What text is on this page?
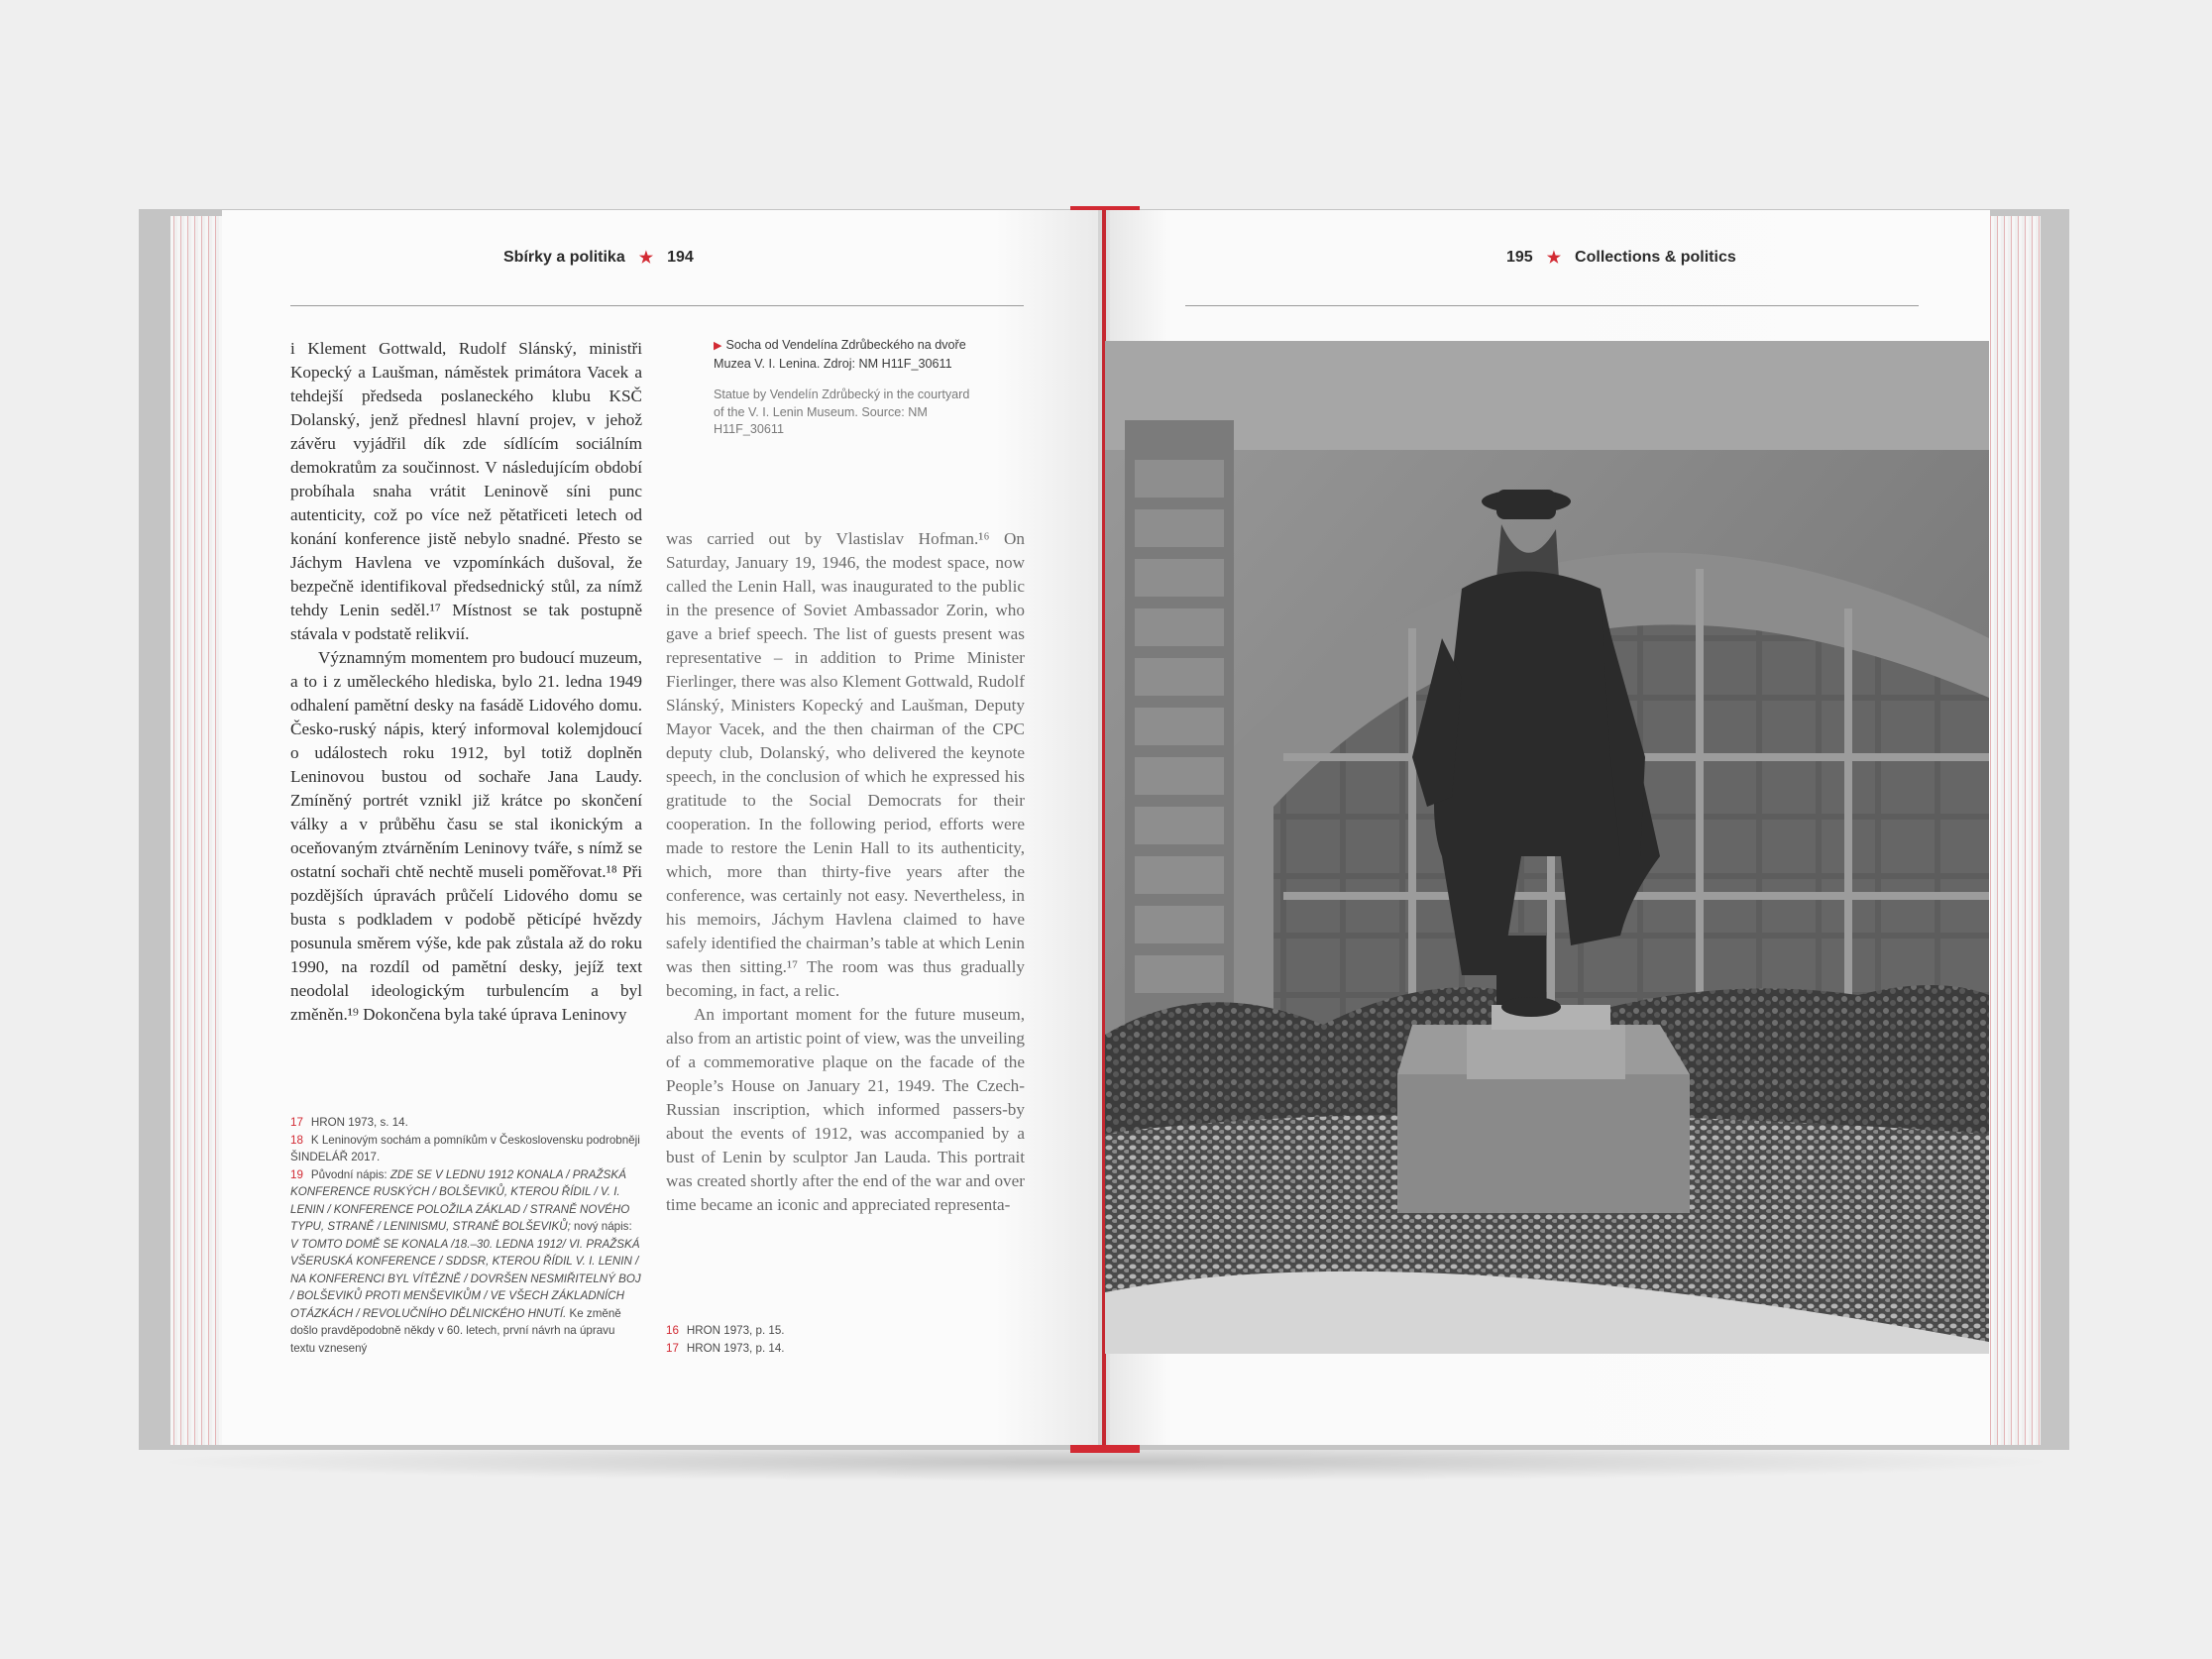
Sbírky a politika ★ 194	195 ★ Collections & politics

i Klement Gottwald, Rudolf Slánský, ministři Kopecký a Laušman, náměstek primátora Vacek a tehdejší předseda poslaneckého klubu KSČ Dolanský, jenž přednesl hlavní projev, v jehož závěru vyjádřil dík zde sídlícím sociálním demokratům za součinnost. V následujícím období probíhala snaha vrátit Leninově síni punc autenticity, což po více než pětatřiceti letech od konání konference jistě nebylo snadné. Přesto se Jáchym Havlena ve vzpomínkách dušoval, že bezpečně identifikoval předsednický stůl, za nímž tehdy Lenin seděl.¹⁷ Místnost se tak postupně stávala v podstatě relikvií.

Významným momentem pro budoucí muzeum, a to i z uměleckého hlediska, bylo 21. ledna 1949 odhalení pamětní desky na fasádě Lidového domu. Česko-ruský nápis, který informoval kolemjdoucí o událostech roku 1912, byl totiž doplněn Leninovou bustou od sochaře Jana Laudy. Zmíněný portrét vznikl již krátce po skončení války a v průběhu času se stal ikonickým a oceňovaným ztvárněním Leninovy tváře, s nímž se ostatní sochaři chtě nechtě museli poměřovat.¹⁸ Při pozdějších úpravách průčelí Lidového domu se busta s podkladem v podobě pěticípé hvězdy posunula směrem výše, kde pak zůstala až do roku 1990, na rozdíl od pamětní desky, jejíž text neodolal ideologickým turbulencím a byl změněn.¹⁹ Dokončena byla také úprava Leninovy

▶ Socha od Vendelína Zdrůbeckého na dvoře Muzea V. I. Lenina. Zdroj: NM H11F_30611
Statue by Vendelín Zdrůbecký in the courtyard of the V. I. Lenin Museum. Source: NM H11F_30611

was carried out by Vlastislav Hofman.¹⁶ On Saturday, January 19, 1946, the modest space, now called the Lenin Hall, was inaugurated to the public in the presence of Soviet Ambassador Zorin, who gave a brief speech. The list of guests present was representative – in addition to Prime Minister Fierlinger, there was also Klement Gottwald, Rudolf Slánský, Ministers Kopecký and Laušman, Deputy Mayor Vacek, and the then chairman of the CPC deputy club, Dolanský, who delivered the keynote speech, in the conclusion of which he expressed his gratitude to the Social Democrats for their cooperation. In the following period, efforts were made to restore the Lenin Hall to its authenticity, which, more than thirty-five years after the conference, was certainly not easy. Nevertheless, in his memoirs, Jáchym Havlena claimed to have safely identified the chairman’s table at which Lenin was then sitting.¹⁷ The room was thus gradually becoming, in fact, a relic.

An important moment for the future museum, also from an artistic point of view, was the unveiling of a commemorative plaque on the facade of the People’s House on January 21, 1949. The Czech-Russian inscription, which informed passers-by about the events of 1912, was accompanied by a bust of Lenin by sculptor Jan Lauda. This portrait was created shortly after the end of the war and over time became an iconic and appreciated representa-

17 HRON 1973, s. 14.

18 K Leninovým sochám a pomníkům v Československu podrobněji ŠINDELÁŘ 2017.

19 Původní nápis: ZDE SE V LEDNU 1912 KONALA / PRAŽSKÁ KONFERENCE RUSKÝCH / BOLŠEVIKŮ, KTEROU ŘÍDIL / V. I. LENIN / KONFERENCE POLOŽILA ZÁKLAD / STRANĚ NOVÉHO TYPU, STRANĚ / LENINISMU, STRANĚ BOLŠEVIKŮ; nový nápis: V TOMTO DOMĚ SE KONALA /18.–30. LEDNA 1912/ VI. PRAŽSKÁ VŠERUSKÁ KONFERENCE / SDDSR, KTEROU ŘÍDIL V. I. LENIN / NA KONFERENCI BYL VÍTĚZNĚ / DOVRŠEN NESMIŘITELNÝ BOJ / BOLŠEVIKŮ PROTI MENŠEVIKŮM / VE VŠECH ZÁKLADNÍCH OTÁZKÁCH / REVOLUČNÍHO DĚLNICKÉHO HNUTÍ. Ke změně došlo pravděpodobně někdy v 60. letech, první návrh na úpravu textu vznesený

16 HRON 1973, p. 15.

17 HRON 1973, p. 14.
